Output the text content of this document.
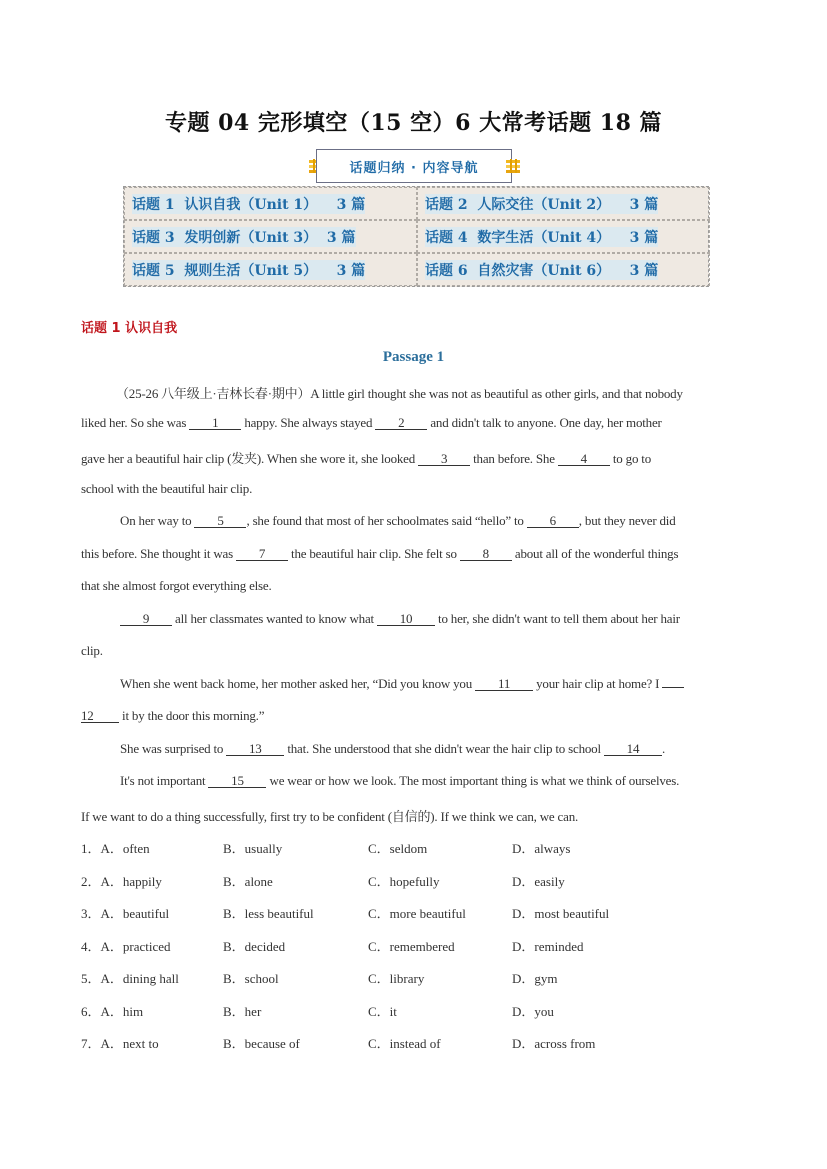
专题 04 完形填空（15 空）6 大常考话题 18 篇
话题归纳 · 内容导航
话题 1  认识自我（Unit 1）    3 篇	话题 2  人际交往（Unit 2）    3 篇
话题 3  发明创新（Unit 3）  3 篇	话题 4  数字生活（Unit 4）    3 篇
话题 5  规则生活（Unit 5）    3 篇	话题 6  自然灾害（Unit 6）    3 篇
话题 1 认识自我
Passage 1
（25-26 八年级上·吉林长春·期中）A little girl thought she was not as beautiful as other girls, and that nobody
liked her. So she was 1 happy. She always stayed 2 and didn't talk to anyone. One day, her mother
gave her a beautiful hair clip (发夹). When she wore it, she looked 3 than before. She 4 to go to
school with the beautiful hair clip.
On her way to 5 , she found that most of her schoolmates said “hello” to 6 , but they never did
this before. She thought it was 7 the beautiful hair clip. She felt so 8 about all of the wonderful things
that she almost forgot everything else.
9 all her classmates wanted to know what 10 to her, she didn't want to tell them about her hair
clip.
When she went back home, her mother asked her, “Did you know you 11 your hair clip at home? I
12 it by the door this morning.”
She was surprised to 13 that. She understood that she didn't wear the hair clip to school 14 .
It's not important 15 we wear or how we look. The most important thing is what we think of ourselves.
If we want to do a thing successfully, first try to be confident (自信的). If we think we can, we can.
1．A．often	B．usually	C．seldom	D．always
2．A．happily	B．alone	C．hopefully	D．easily
3．A．beautiful	B．less beautiful	C．more beautiful	D．most beautiful
4．A．practiced	B．decided	C．remembered	D．reminded
5．A．dining hall	B．school	C．library	D．gym
6．A．him	B．her	C．it	D．you
7．A．next to	B．because of	C．instead of	D．across from
